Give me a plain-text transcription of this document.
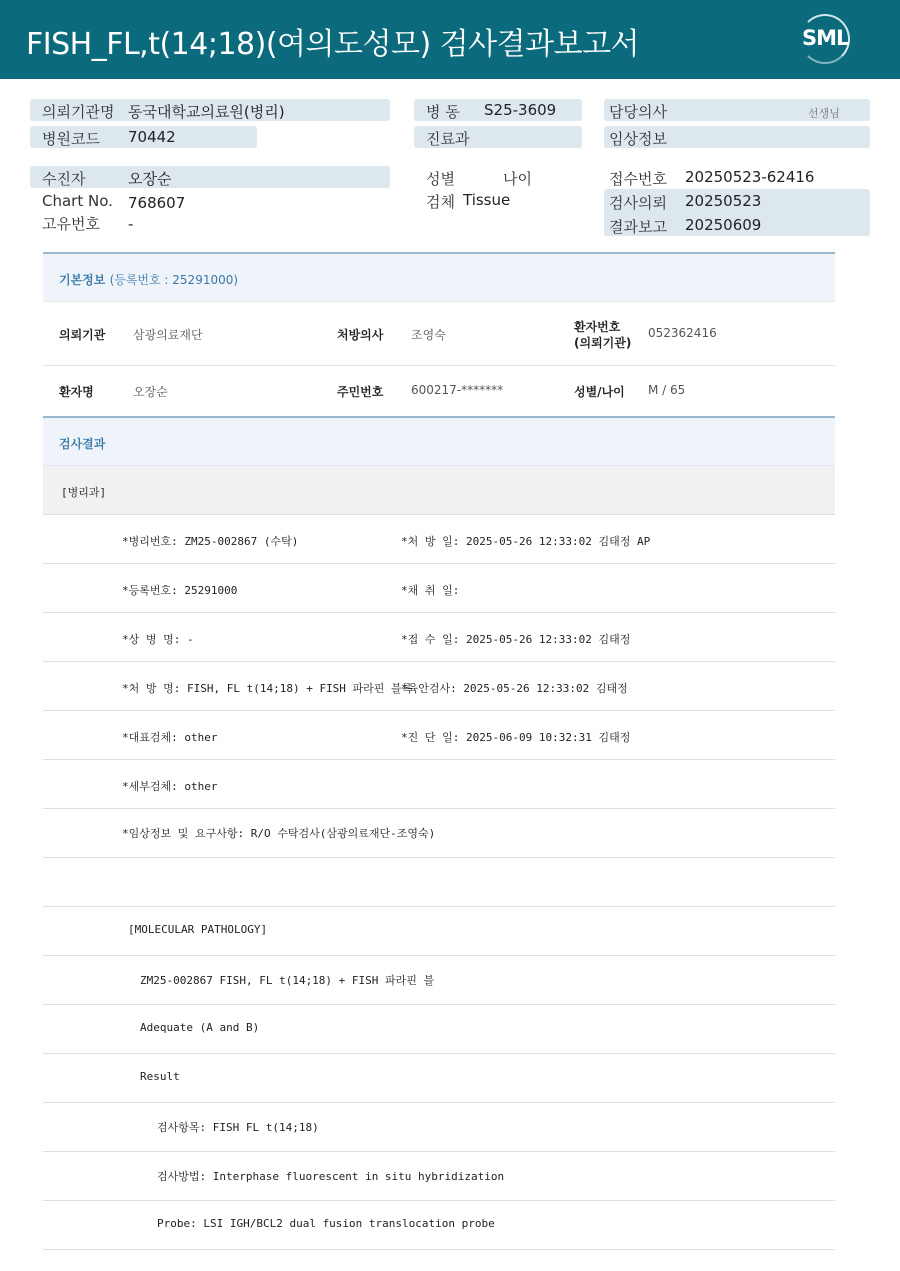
FISH_FL,t(14;18)(여의도성모) 검사결과보고서	SML
의뢰기관명 동국대학교의료원(병리)
병원코드 70442
병 동 S25-3609
진료과
담당의사	선생님
임상정보
수진자	오장순
Chart No. 768607
고유번호 -
성별	나이
검체 Tissue
접수번호 20250523-62416
검사의뢰 20250523
결과보고 20250609
기본정보 (등록번호 : 25291000)
의뢰기관 삼광의료재단	처방의사 조영숙
환자번호
(의뢰기관)
052362416
환자명	오장순	주민번호 600217-*******	성별/나이 M / 65
검사결과
[병리과]
*병리번호: ZM25-002867 (수탁)	*처 방 일: 2025-05-26 12:33:02 김태정 AP
*등록번호: 25291000	*채 취 일:
*상 병 명: -	*접 수 일: 2025-05-26 12:33:02 김태정
*처 방 명: FISH, FL t(14;18) + FISH 파라핀 블록
*육안검사: 2025-05-26 12:33:02 김태정
*대표검체: other	*진 단 일: 2025-06-09 10:32:31 김태정
*세부검체: other
*임상정보 및 요구사항: R/O 수탁검사(삼광의료재단-조영숙)
[MOLECULAR PATHOLOGY]
ZM25-002867 FISH, FL t(14;18) + FISH 파라핀 블
Adequate (A and B)
Result
검사항목: FISH FL t(14;18)
검사방법: Interphase fluorescent in situ hybridization
Probe: LSI IGH/BCL2 dual fusion translocation probe
